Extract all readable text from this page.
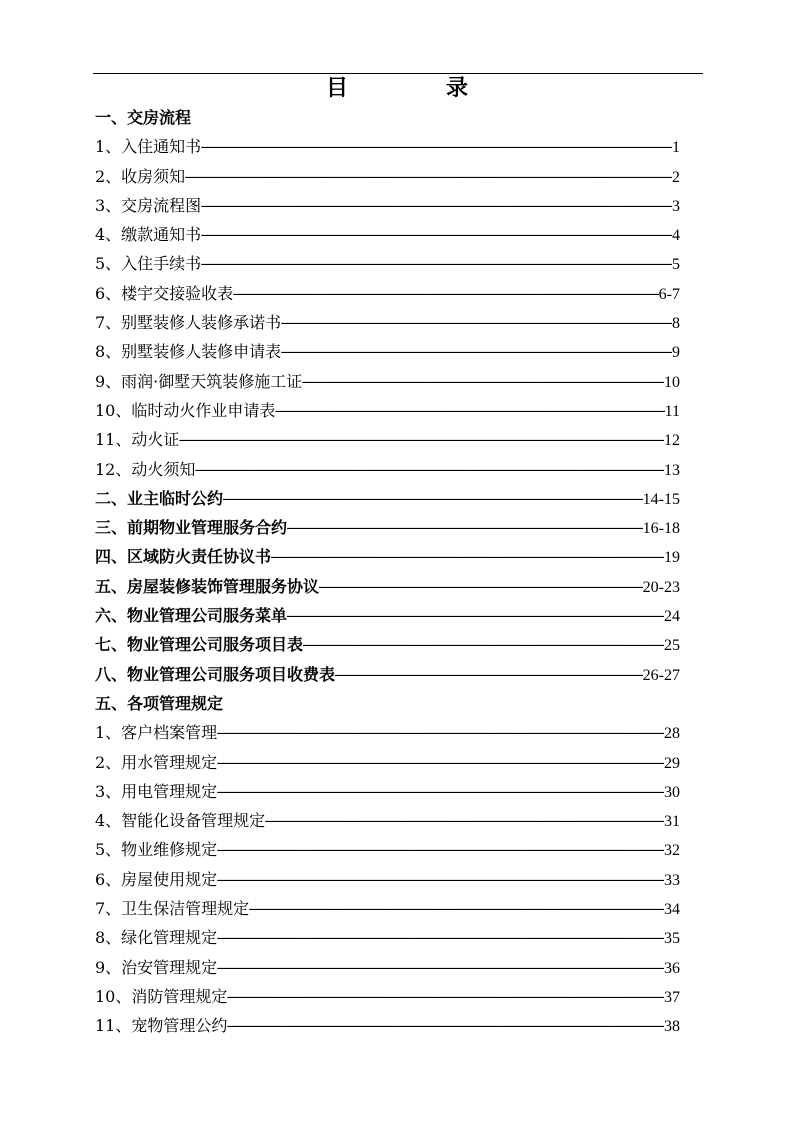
目　录
一、交房流程
1、入住通知书 –––––	1
2、收房须知 –––––	2
3、交房流程图 –––––	3
4、缴款通知书 –––––	4
5、入住手续书 –––––	5
6、楼宇交接验收表 –––––	6-7
7、别墅装修人装修承诺书 –––––	8
8、别墅装修人装修申请表 –––––	9
9、雨润·御墅天筑装修施工证 –––––	10
10、临时动火作业申请表 –––––	11
11、动火证 –––––	12
12、动火须知 –––––	13
二、业主临时公约 –––––	14-15
三、前期物业管理服务合约 –––––	16-18
四、区域防火责任协议书 –––––	19
五、房屋装修装饰管理服务协议 –––––	20-23
六、物业管理公司服务菜单 –––––	24
七、物业管理公司服务项目表 –––––	25
八、物业管理公司服务项目收费表 –––––	26-27
五、各项管理规定
1、客户档案管理 –––––	28
2、用水管理规定 –––––	29
3、用电管理规定 –––––	30
4、智能化设备管理规定 –––––	31
5、物业维修规定 –––––	32
6、房屋使用规定 –––––	33
7、卫生保洁管理规定 –––––	34
8、绿化管理规定 –––––	35
9、治安管理规定 –––––	36
10、消防管理规定 –––––	37
11、宠物管理公约 –––––	38
